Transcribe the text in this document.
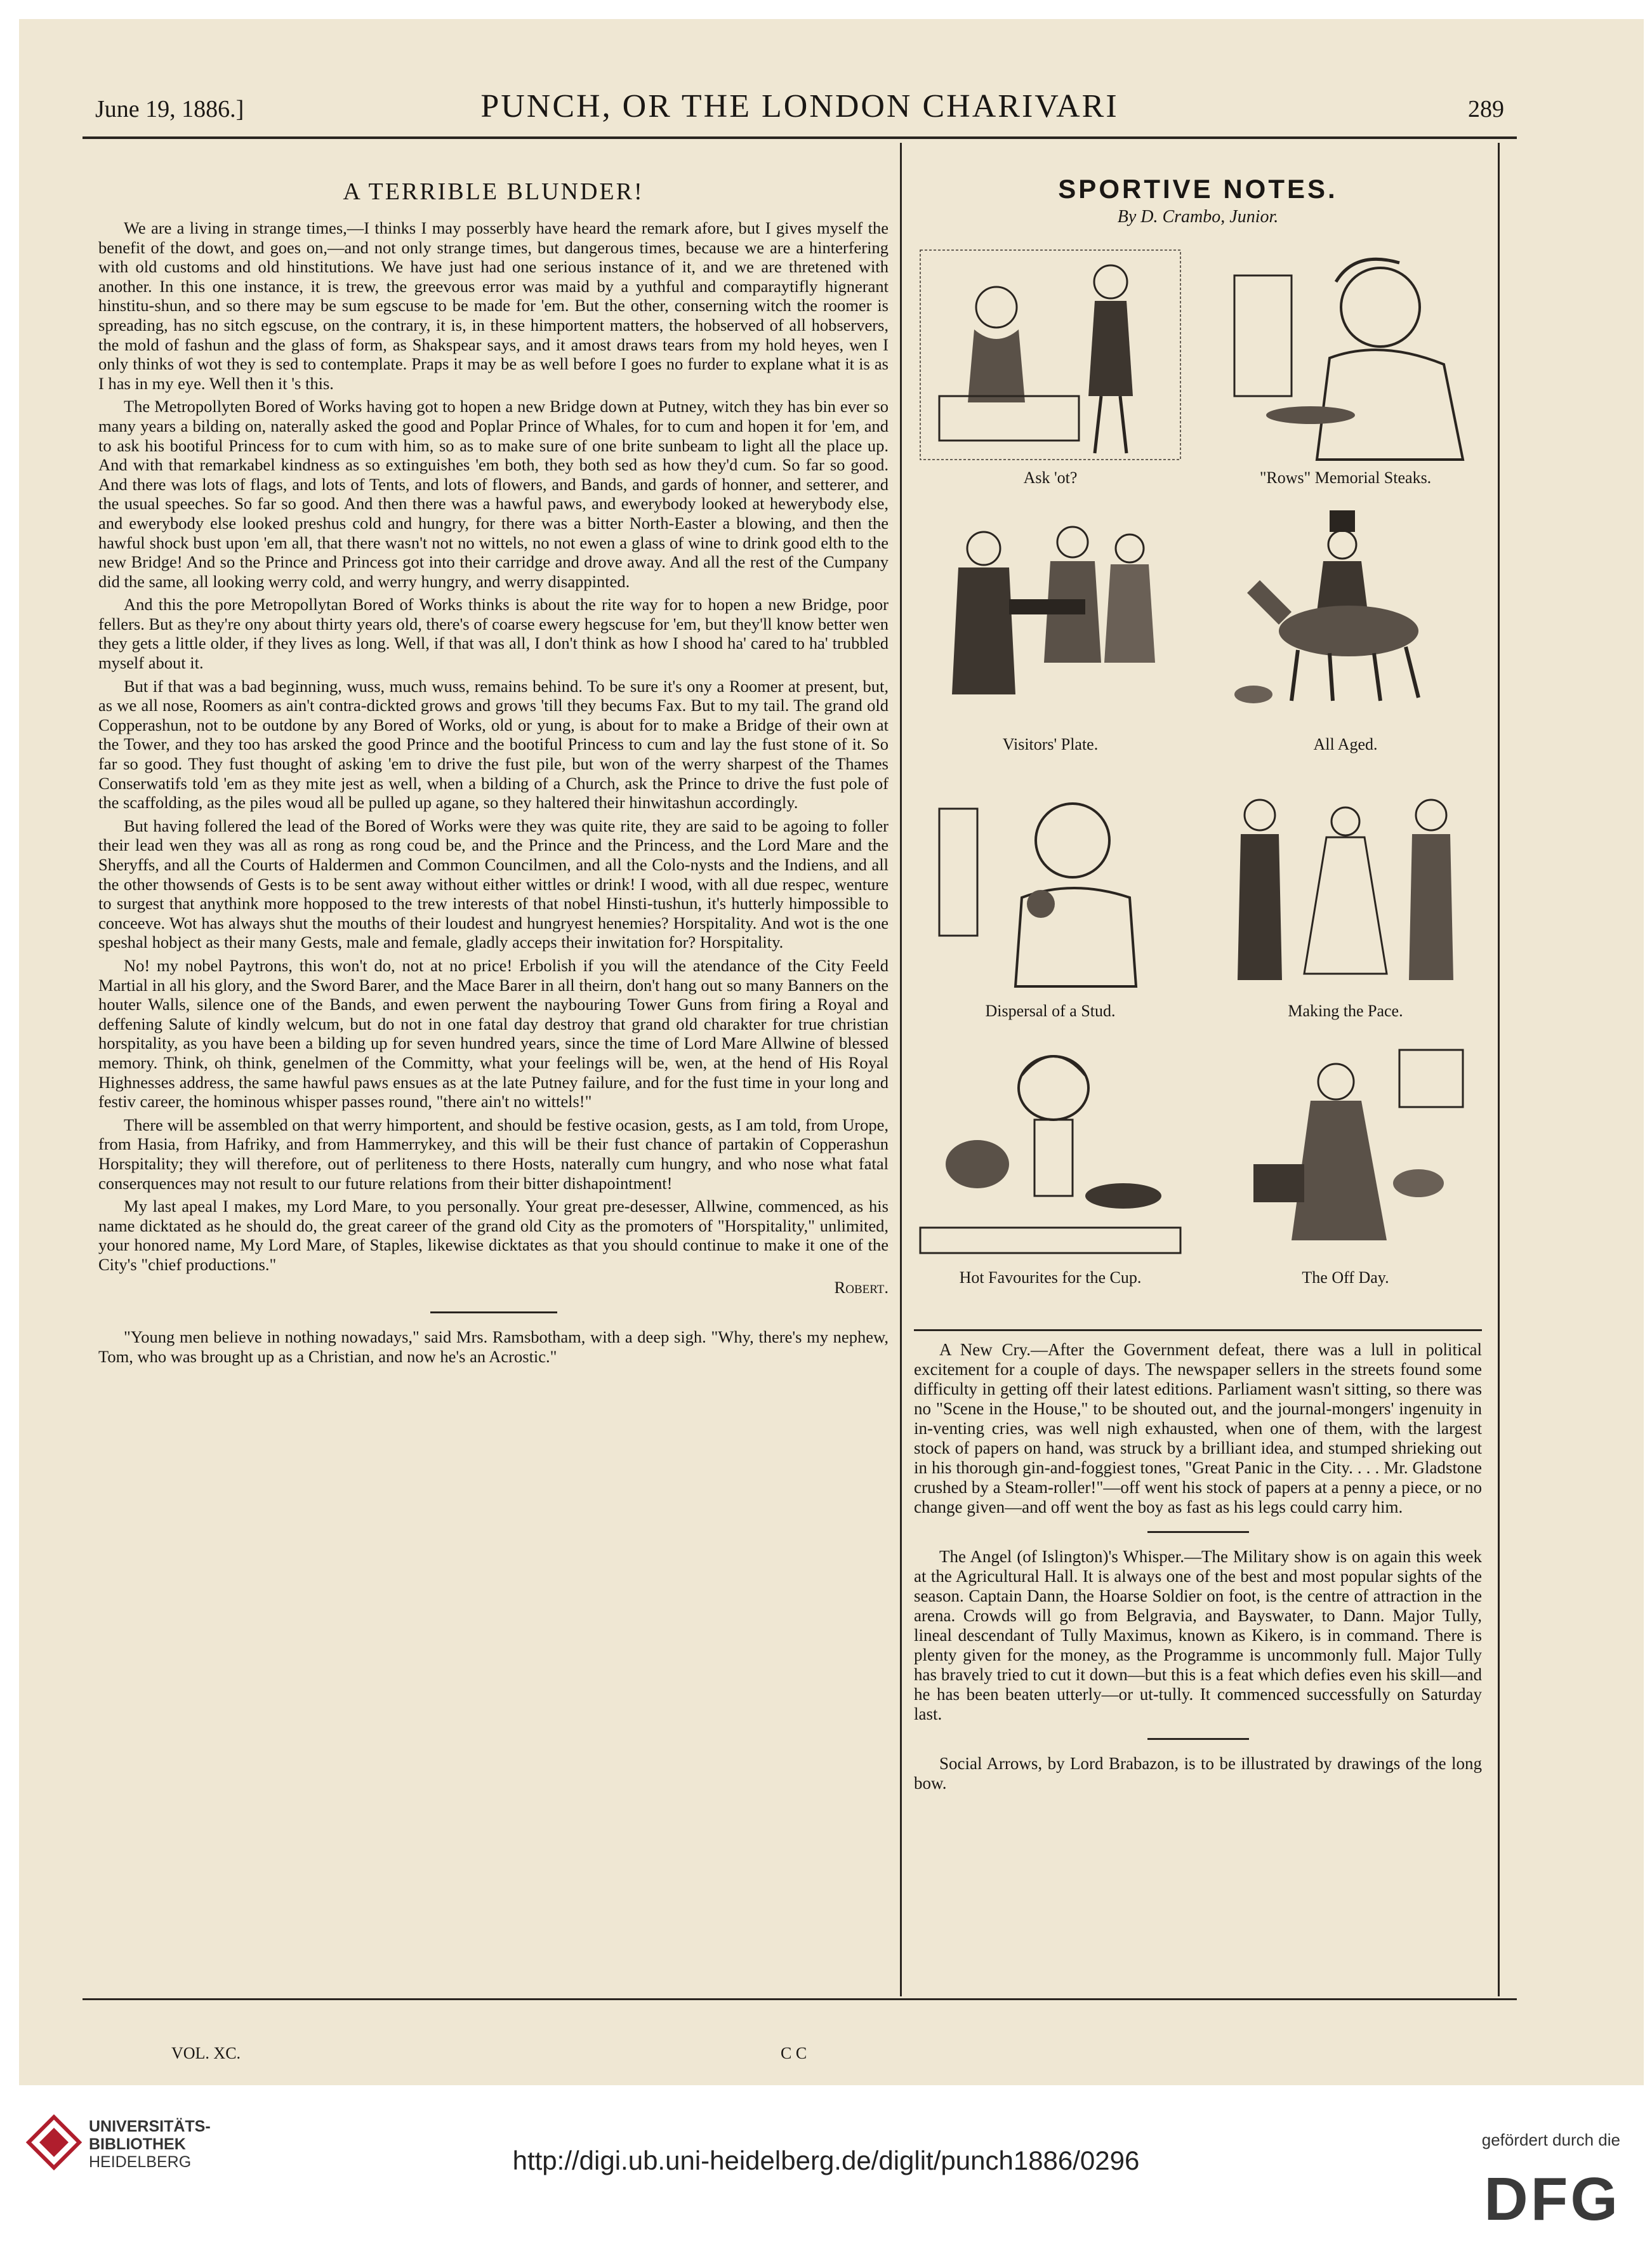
June 19, 1886.]	PUNCH, OR THE LONDON CHARIVARI	289
A TERRIBLE BLUNDER!

We are a living in strange times,—I thinks I may posserbly have heard the remark afore, but I gives myself the benefit of the dowt, and goes on,—and not only strange times, but dangerous times, because we are a hinterfering with old customs and old hinstitutions. We have just had one serious instance of it, and we are thretened with another. In this one instance, it is trew, the greevous error was maid by a yuthful and comparaytifly hignerant hinstitu-shun, and so there may be sum egscuse to be made for 'em. But the other, conserning witch the roomer is spreading, has no sitch egscuse, on the contrary, it is, in these himportent matters, the hobserved of all hobservers, the mold of fashun and the glass of form, as Shakspear says, and it amost draws tears from my hold heyes, wen I only thinks of wot they is sed to contemplate. Praps it may be as well before I goes no furder to explane what it is as I has in my eye. Well then it 's this.

The Metropollyten Bored of Works having got to hopen a new Bridge down at Putney, witch they has bin ever so many years a bilding on, naterally asked the good and Poplar Prince of Whales, for to cum and hopen it for 'em, and to ask his bootiful Princess for to cum with him, so as to make sure of one brite sunbeam to light all the place up. And with that remarkabel kindness as so extinguishes 'em both, they both sed as how they'd cum. So far so good. And there was lots of flags, and lots of Tents, and lots of flowers, and Bands, and gards of honner, and setterer, and the usual speeches. So far so good. And then there was a hawful paws, and ewerybody looked at hewerybody else, and ewerybody else looked preshus cold and hungry, for there was a bitter North-Easter a blowing, and then the hawful shock bust upon 'em all, that there wasn't not no wittels, no not ewen a glass of wine to drink good elth to the new Bridge! And so the Prince and Princess got into their carridge and drove away. And all the rest of the Cumpany did the same, all looking werry cold, and werry hungry, and werry disappinted.

And this the pore Metropollytan Bored of Works thinks is about the rite way for to hopen a new Bridge, poor fellers. But as they're ony about thirty years old, there's of coarse ewery hegscuse for 'em, but they'll know better wen they gets a little older, if they lives as long. Well, if that was all, I don't think as how I shood ha' cared to ha' trubbled myself about it.

But if that was a bad beginning, wuss, much wuss, remains behind. To be sure it's ony a Roomer at present, but, as we all nose, Roomers as ain't contra-dickted grows and grows 'till they becums Fax. But to my tail. The grand old Copperashun, not to be outdone by any Bored of Works, old or yung, is about for to make a Bridge of their own at the Tower, and they too has arsked the good Prince and the bootiful Princess to cum and lay the fust stone of it. So far so good. They fust thought of asking 'em to drive the fust pile, but won of the werry sharpest of the Thames Conserwatifs told 'em as they mite jest as well, when a bilding of a Church, ask the Prince to drive the fust pole of the scaffolding, as the piles woud all be pulled up agane, so they haltered their hinwitashun accordingly.

But having follered the lead of the Bored of Works were they was quite rite, they are said to be agoing to foller their lead wen they was all as rong as rong coud be, and the Prince and the Princess, and the Lord Mare and the Sheryffs, and all the Courts of Haldermen and Common Councilmen, and all the Colo-nysts and the Indiens, and all the other thowsends of Gests is to be sent away without either wittles or drink! I wood, with all due respec, wenture to surgest that anythink more hopposed to the trew interests of that nobel Hinsti-tushun, it's hutterly himpossible to conceeve. Wot has always shut the mouths of their loudest and hungryest henemies? Horspitality. And wot is the one speshal hobject as their many Gests, male and female, gladly acceps their inwitation for? Horspitality.

No! my nobel Paytrons, this won't do, not at no price! Erbolish if you will the atendance of the City Feeld Martial in all his glory, and the Sword Barer, and the Mace Barer in all theirn, don't hang out so many Banners on the houter Walls, silence one of the Bands, and ewen perwent the naybouring Tower Guns from firing a Royal and deffening Salute of kindly welcum, but do not in one fatal day destroy that grand old charakter for true christian horspitality, as you have been a bilding up for seven hundred years, since the time of Lord Mare Allwine of blessed memory. Think, oh think, genelmen of the Committy, what your feelings will be, wen, at the hend of His Royal Highnesses address, the same hawful paws ensues as at the late Putney failure, and for the fust time in your long and festiv career, the hominous whisper passes round, "there ain't no wittels!"

There will be assembled on that werry himportent, and should be festive ocasion, gests, as I am told, from Urope, from Hasia, from Hafriky, and from Hammerrykey, and this will be their fust chance of partakin of Copperashun Horspitality; they will therefore, out of perliteness to there Hosts, naterally cum hungry, and who nose what fatal conserquences may not result to our future relations from their bitter dishapointment!

My last apeal I makes, my Lord Mare, to you personally. Your great pre-desesser, Allwine, commenced, as his name dicktated as he should do, the great career of the grand old City as the promoters of "Horspitality," unlimited, your honored name, My Lord Mare, of Staples, likewise dicktates as that you should continue to make it one of the City's "chief productions."

Robert.

"Young men believe in nothing nowadays," said Mrs. Ramsbotham, with a deep sigh. "Why, there's my nephew, Tom, who was brought up as a Christian, and now he's an Acrostic."

SPORTIVE NOTES.
By D. Crambo, Junior.
Ask 'ot?	"Rows" Memorial Steaks.
Visitors' Plate.	All Aged.
Dispersal of a Stud.	Making the Pace.
Hot Favourites for the Cup.	The Off Day.

A New Cry.—After the Government defeat, there was a lull in political excitement for a couple of days. The newspaper sellers in the streets found some difficulty in getting off their latest editions. Parliament wasn't sitting, so there was no "Scene in the House," to be shouted out, and the journal-mongers' ingenuity in in-venting cries, was well nigh exhausted, when one of them, with the largest stock of papers on hand, was struck by a brilliant idea, and stumped shrieking out in his thorough gin-and-foggiest tones, "Great Panic in the City. . . . Mr. Gladstone crushed by a Steam-roller!"—off went his stock of papers at a penny a piece, or no change given—and off went the boy as fast as his legs could carry him.

The Angel (of Islington)'s Whisper.—The Military show is on again this week at the Agricultural Hall. It is always one of the best and most popular sights of the season. Captain Dann, the Hoarse Soldier on foot, is the centre of attraction in the arena. Crowds will go from Belgravia, and Bayswater, to Dann. Major Tully, lineal descendant of Tully Maximus, known as Kikero, is in command. There is plenty given for the money, as the Programme is uncommonly full. Major Tully has bravely tried to cut it down—but this is a feat which defies even his skill—and he has been beaten utterly—or ut-tully. It commenced successfully on Saturday last.

Social Arrows, by Lord Brabazon, is to be illustrated by drawings of the long bow.

VOL. XC.	C C
UNIVERSITÄTS-
BIBLIOTHEK
HEIDELBERG	http://digi.ub.uni-heidelberg.de/diglit/punch1886/0296
gefördert durch die
DFG
